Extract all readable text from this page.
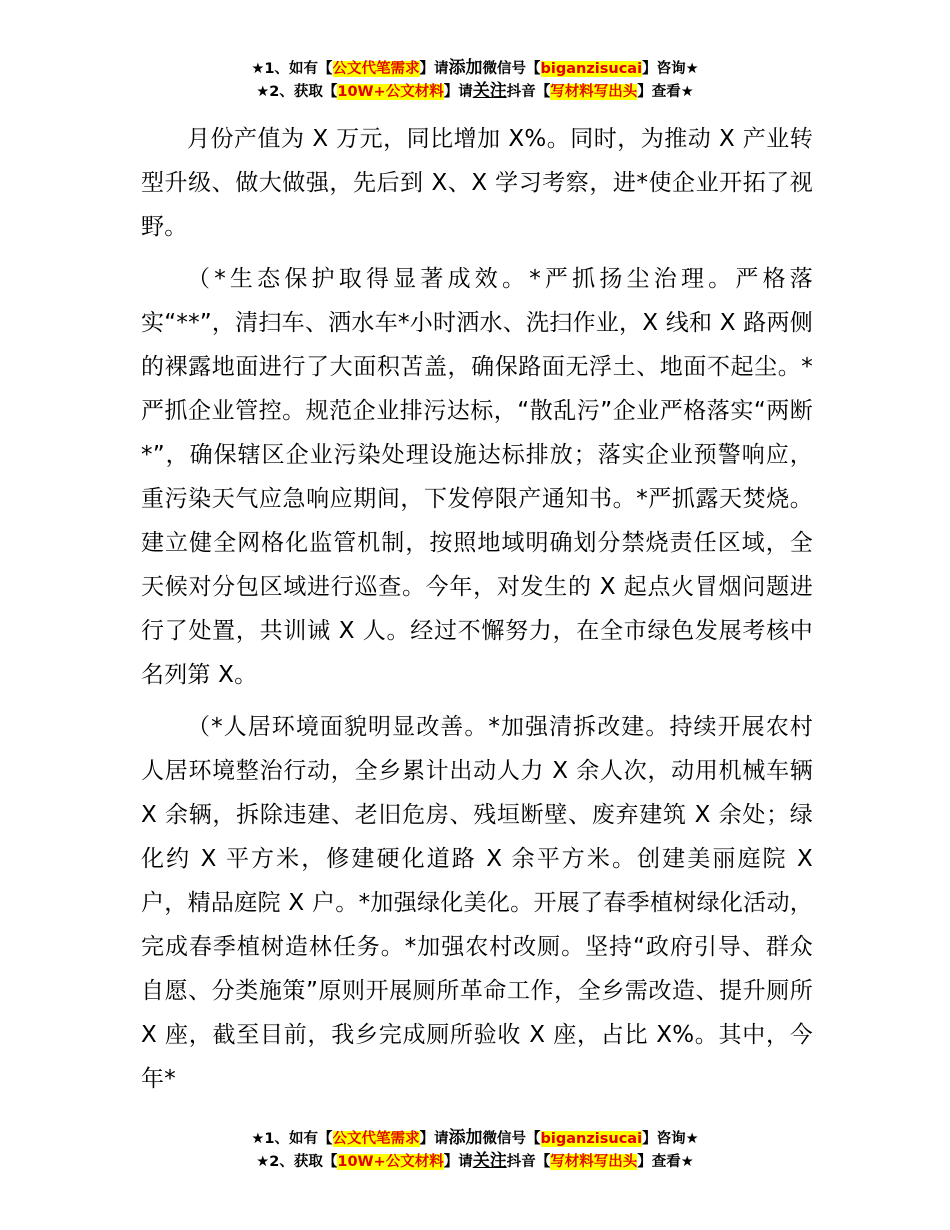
★1、如有【公文代笔需求】请添加微信号【biganzisucai】咨询★
★2、获取【10W+公文材料】请关注抖音【写材料写出头】查看★

月份产值为 X 万元，同比增加 X%。同时，为推动 X 产业转型升级、做大做强，先后到 X、X 学习考察，进*使企业开拓了视野。

（*生态保护取得显著成效。*严抓扬尘治理。严格落实“**”，清扫车、洒水车*小时洒水、洗扫作业，X 线和 X 路两侧的裸露地面进行了大面积苫盖，确保路面无浮土、地面不起尘。*严抓企业管控。规范企业排污达标，“散乱污”企业严格落实“两断*”，确保辖区企业污染处理设施达标排放；落实企业预警响应，重污染天气应急响应期间，下发停限产通知书。*严抓露天焚烧。建立健全网格化监管机制，按照地域明确划分禁烧责任区域，全天候对分包区域进行巡查。今年，对发生的 X 起点火冒烟问题进行了处置，共训诫 X 人。经过不懈努力，在全市绿色发展考核中名列第 X。

（*人居环境面貌明显改善。*加强清拆改建。持续开展农村人居环境整治行动，全乡累计出动人力 X 余人次，动用机械车辆 X 余辆，拆除违建、老旧危房、残垣断壁、废弃建筑 X 余处；绿化约 X 平方米，修建硬化道路 X 余平方米。创建美丽庭院 X 户，精品庭院 X 户。*加强绿化美化。开展了春季植树绿化活动，完成春季植树造林任务。*加强农村改厕。坚持“政府引导、群众自愿、分类施策”原则开展厕所革命工作，全乡需改造、提升厕所 X 座，截至目前，我乡完成厕所验收 X 座，占比 X%。其中，今年*

★1、如有【公文代笔需求】请添加微信号【biganzisucai】咨询★
★2、获取【10W+公文材料】请关注抖音【写材料写出头】查看★
